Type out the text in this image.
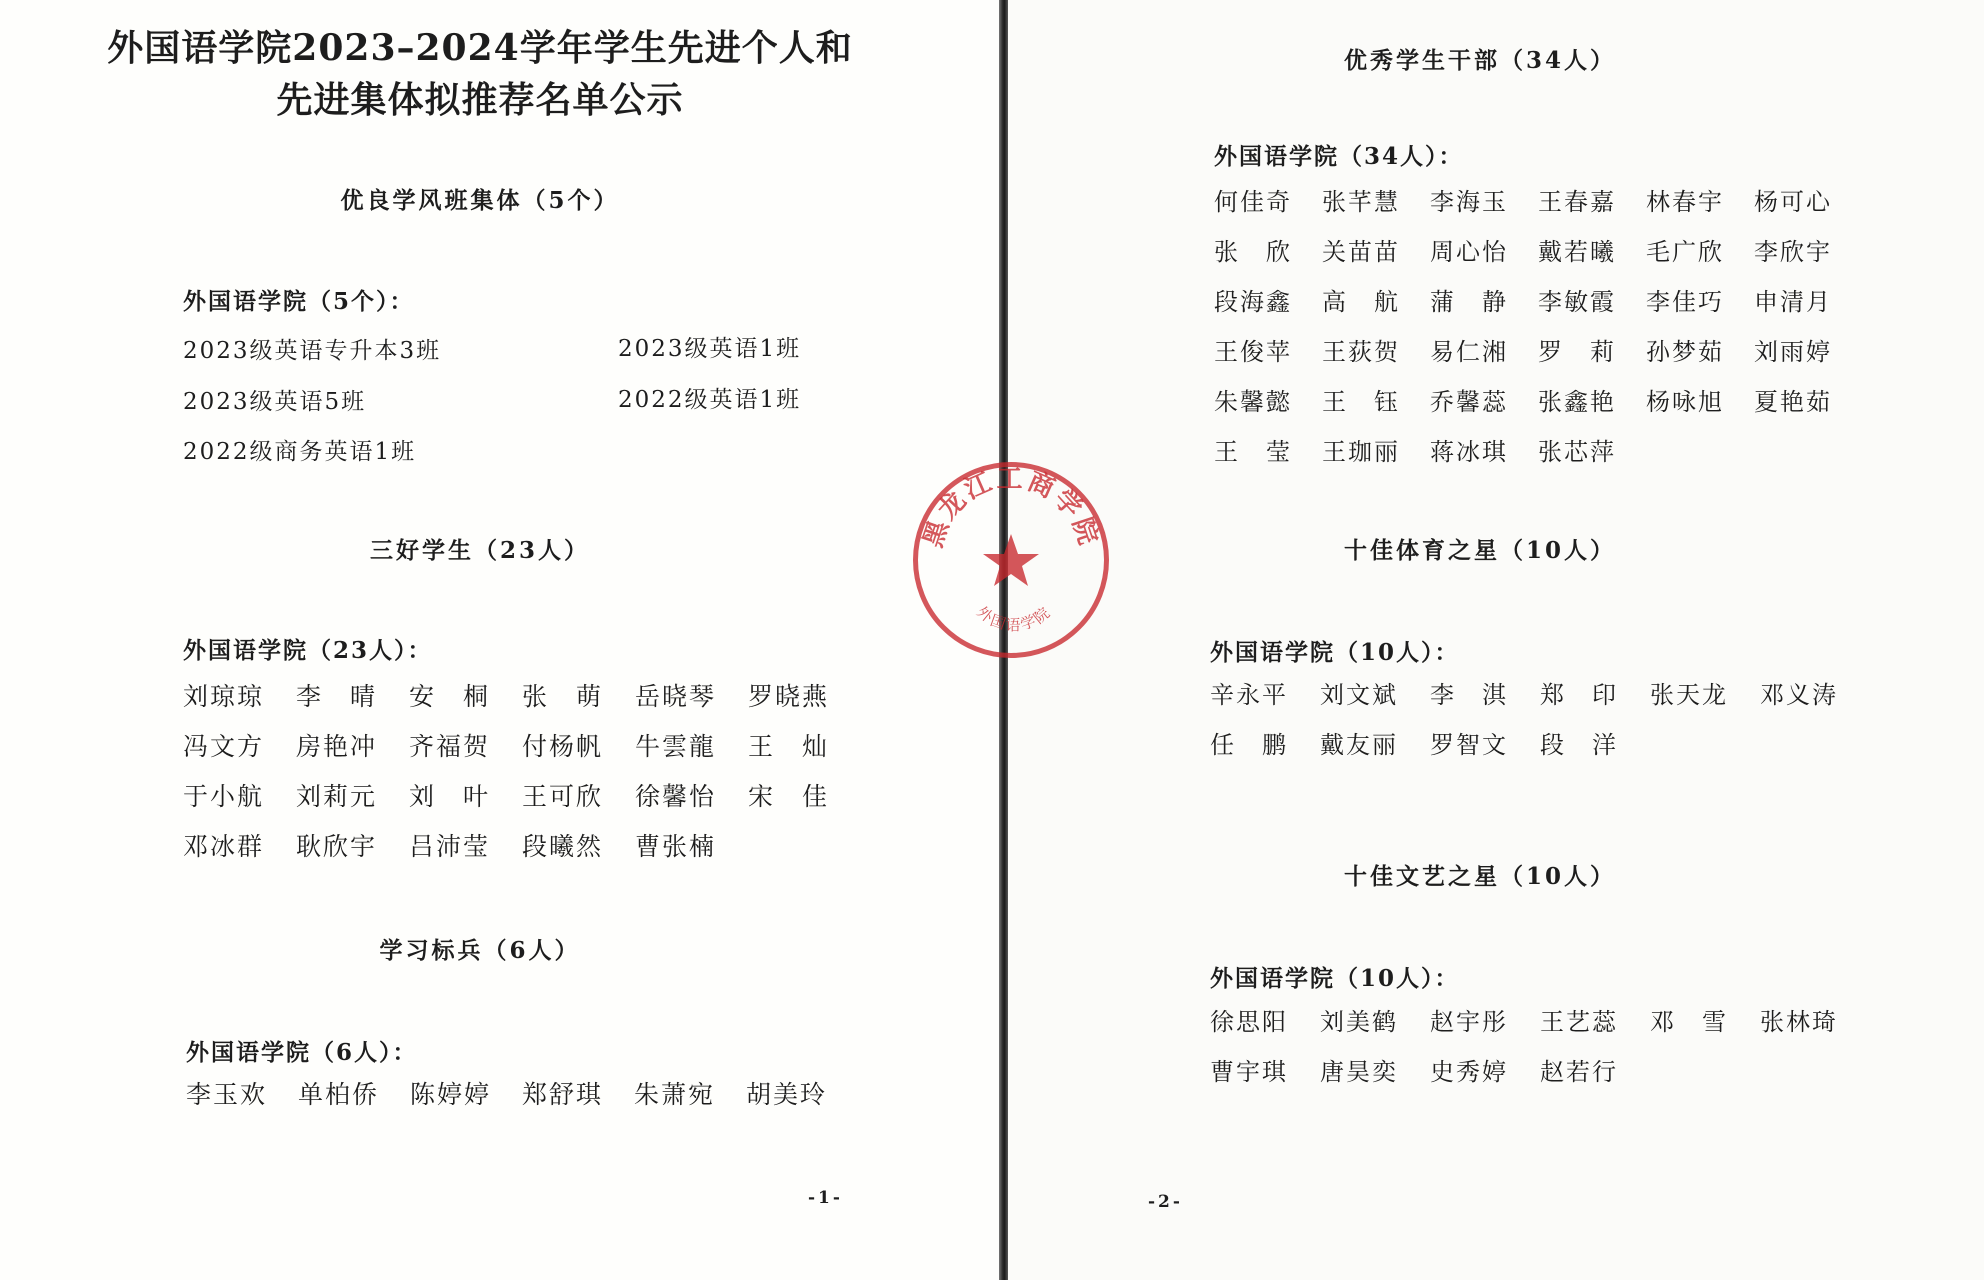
外国语学院2023–2024学年学生先进个人和
先进集体拟推荐名单公示
优良学风班集体（5个）
外国语学院（5个）：
2023级英语专升本3班	2023级英语1班
2023级英语5班	2022级英语1班
2022级商务英语1班
三好学生（23人）
外国语学院（23人）：
刘琼琼	李　晴	安　桐	张　萌	岳晓琴	罗晓燕
冯文方	房艳冲	齐福贺	付杨帆	牛雲龍	王　灿
于小航	刘莉元	刘　叶	王可欣	徐馨怡	宋　佳
邓冰群	耿欣宇	吕沛莹	段曦然	曹张楠
学习标兵（6人）
外国语学院（6人）：
李玉欢	单柏侨	陈婷婷	郑舒琪	朱萧宛	胡美玲
-1-
优秀学生干部（34人）
外国语学院（34人）：
何佳奇	张芊慧	李海玉	王春嘉	林春宇	杨可心
张　欣	关苗苗	周心怡	戴若曦	毛广欣	李欣宇
段海鑫	高　航	蒲　静	李敏霞	李佳巧	申清月
王俊苹	王荻贺	易仁湘	罗　莉	孙梦茹	刘雨婷
朱馨懿	王　钰	乔馨蕊	张鑫艳	杨咏旭	夏艳茹
王　莹	王珈丽	蒋冰琪	张芯萍
十佳体育之星（10人）
外国语学院（10人）：
辛永平	刘文斌	李　淇	郑　印	张天龙	邓义涛
任　鹏	戴友丽	罗智文	段　洋
十佳文艺之星（10人）
外国语学院（10人）：
徐思阳	刘美鹤	赵宇彤	王艺蕊	邓　雪	张林琦
曹宇琪	唐昊奕	史秀婷	赵若行
-2-
黑龙江工商学院
外国语学院
